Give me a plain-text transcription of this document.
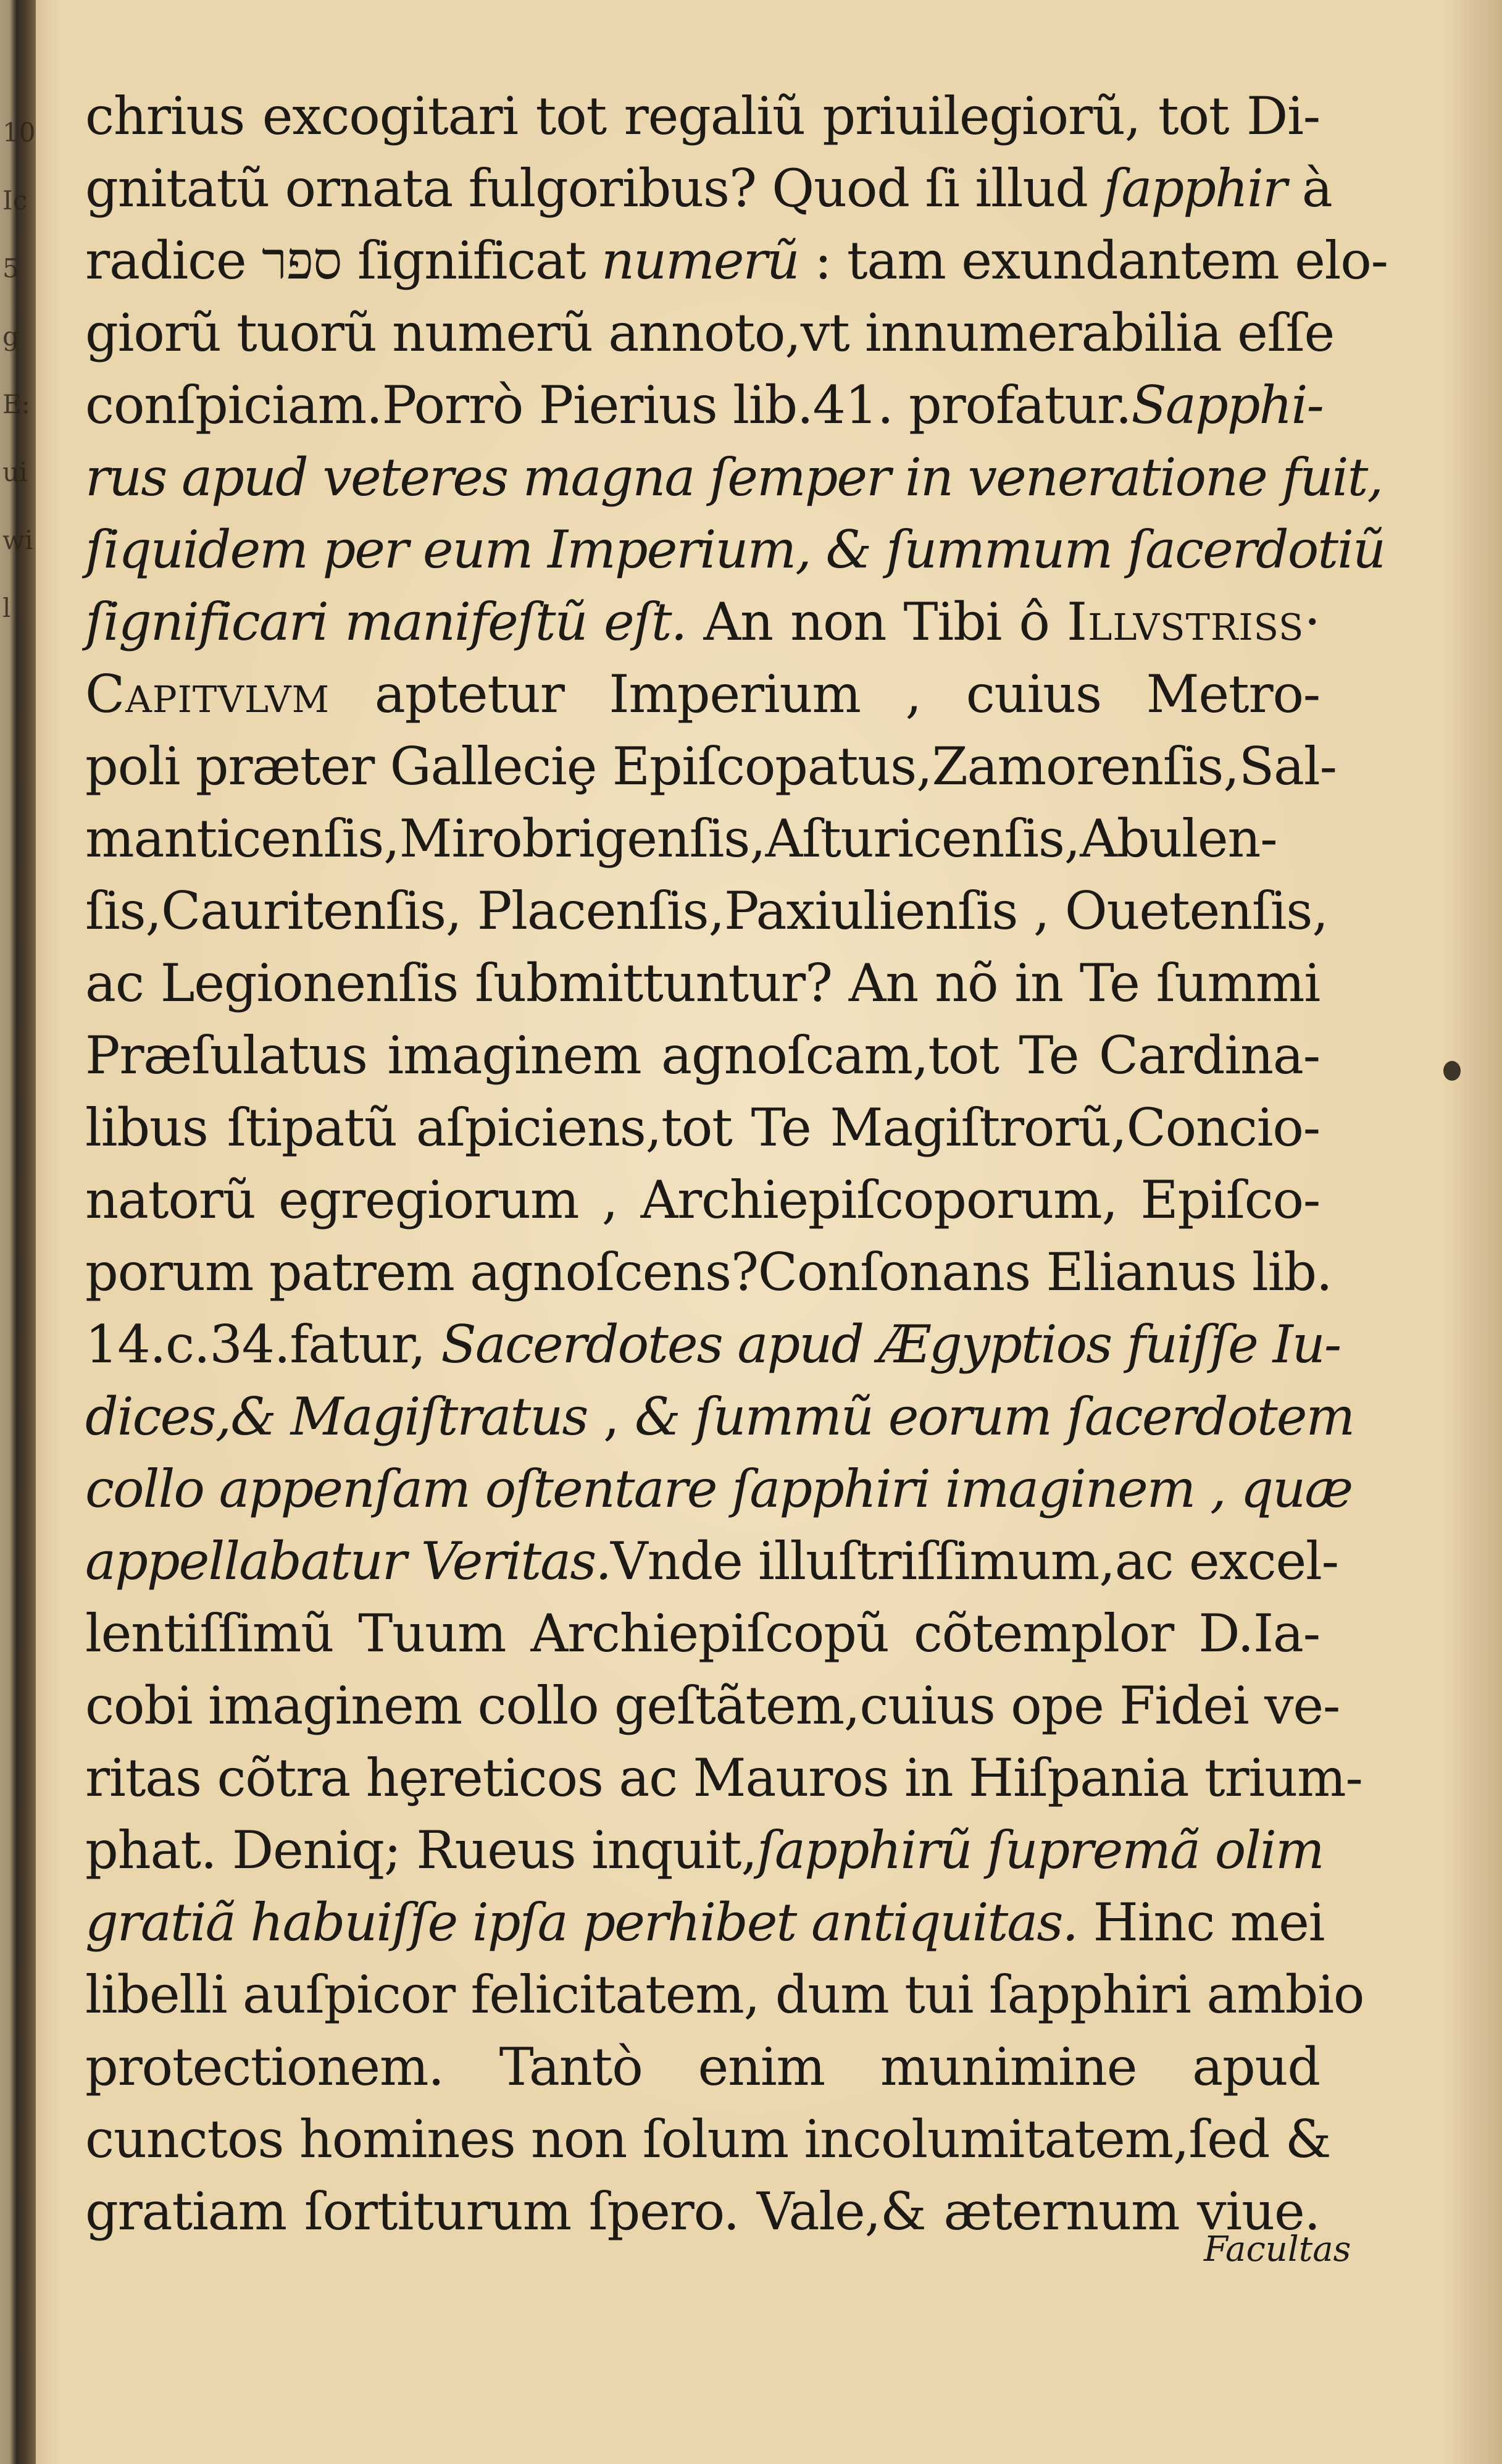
10
Ic
5
g
E:
ui
wi
l
chrius excogitari tot regaliũ priuilegiorũ, tot Di-
gnitatũ ornata fulgoribus? Quod ſi illud ſapphir à
radice ספר ſignificat numerũ : tam exundantem elo-
giorũ tuorũ numerũ annoto,vt innumerabilia eſſe
conſpiciam.Porrò Pierius lib.41. profatur.Sapphi-
rus apud veteres magna ſemper in veneratione fuit,
ſiquidem per eum Imperium, & ſummum ſacerdotiũ
ſignificari manifeſtũ eſt. An non Tibi ô Illvstriss·
Capitvlvm aptetur Imperium , cuius Metro-
poli præter Galleciȩ Epiſcopatus,Zamorenſis,Sal-
manticenſis,Mirobrigenſis,Aſturicenſis,Abulen-
ſis,Cauritenſis, Placenſis,Paxiulienſis , Ouetenſis,
ac Legionenſis ſubmittuntur? An nõ in Te ſummi
Præſulatus imaginem agnoſcam,tot Te Cardina-
libus ſtipatũ aſpiciens,tot Te Magiſtrorũ,Concio-
natorũ egregiorum , Archiepiſcoporum, Epiſco-
porum patrem agnoſcens?Conſonans Elianus lib.
14.c.34.fatur, Sacerdotes apud Ægyptios fuiſſe Iu-
dices,& Magiſtratus , & ſummũ eorum ſacerdotem
collo appenſam oſtentare ſapphiri imaginem , quæ
appellabatur Veritas.Vnde illuſtriſſimum,ac excel-
lentiſſimũ Tuum Archiepiſcopũ cõtemplor D.Ia-
cobi imaginem collo geſtãtem,cuius ope Fidei ve-
ritas cõtra hȩreticos ac Mauros in Hiſpania trium-
phat. Deniq; Rueus inquit,ſapphirũ ſupremã olim
gratiã habuiſſe ipſa perhibet antiquitas. Hinc mei
libelli auſpicor felicitatem, dum tui ſapphiri ambio
protectionem. Tantò enim munimine apud
cunctos homines non ſolum incolumitatem,ſed &
gratiam ſortiturum ſpero. Vale,& æternum viue.
Facultas
